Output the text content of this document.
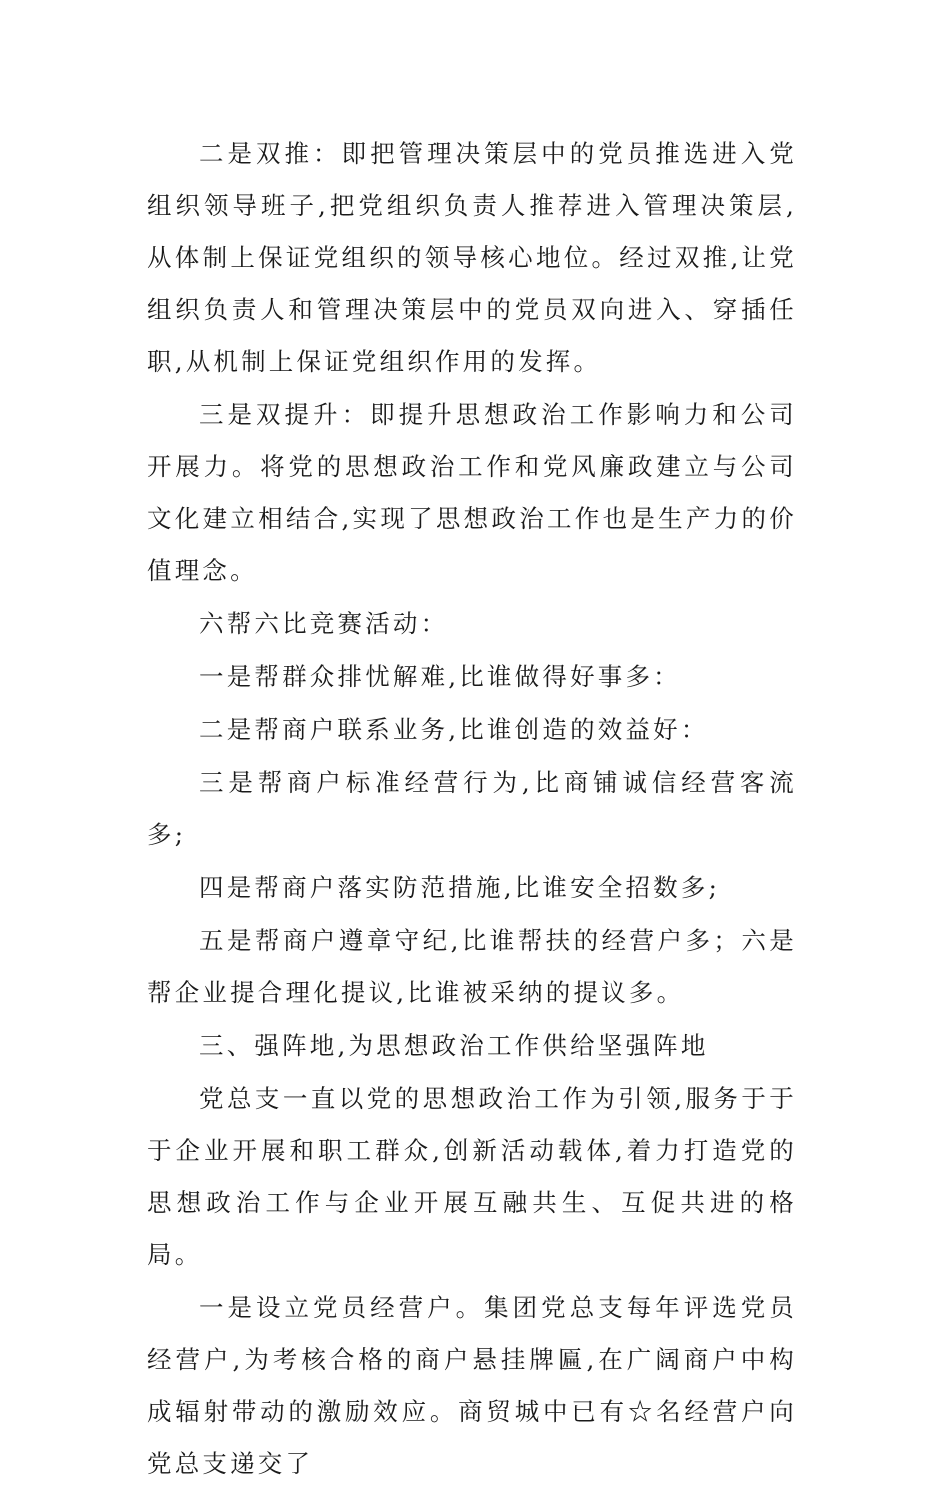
二是双推：即把管理决策层中的党员推选进入党组织领导班子,把党组织负责人推荐进入管理决策层,从体制上保证党组织的领导核心地位。经过双推,让党组织负责人和管理决策层中的党员双向进入、穿插任职,从机制上保证党组织作用的发挥。

三是双提升：即提升思想政治工作影响力和公司开展力。将党的思想政治工作和党风廉政建立与公司文化建立相结合,实现了思想政治工作也是生产力的价值理念。

六帮六比竞赛活动：

一是帮群众排忧解难,比谁做得好事多：

二是帮商户联系业务,比谁创造的效益好：

三是帮商户标准经营行为,比商铺诚信经营客流多;

四是帮商户落实防范措施,比谁安全招数多;

五是帮商户遵章守纪,比谁帮扶的经营户多；六是帮企业提合理化提议,比谁被采纳的提议多。

三、强阵地,为思想政治工作供给坚强阵地

党总支一直以党的思想政治工作为引领,服务于于于企业开展和职工群众,创新活动载体,着力打造党的思想政治工作与企业开展互融共生、互促共进的格局。

一是设立党员经营户。集团党总支每年评选党员经营户,为考核合格的商户悬挂牌匾,在广阔商户中构成辐射带动的激励效应。商贸城中已有☆名经营户向党总支递交了
